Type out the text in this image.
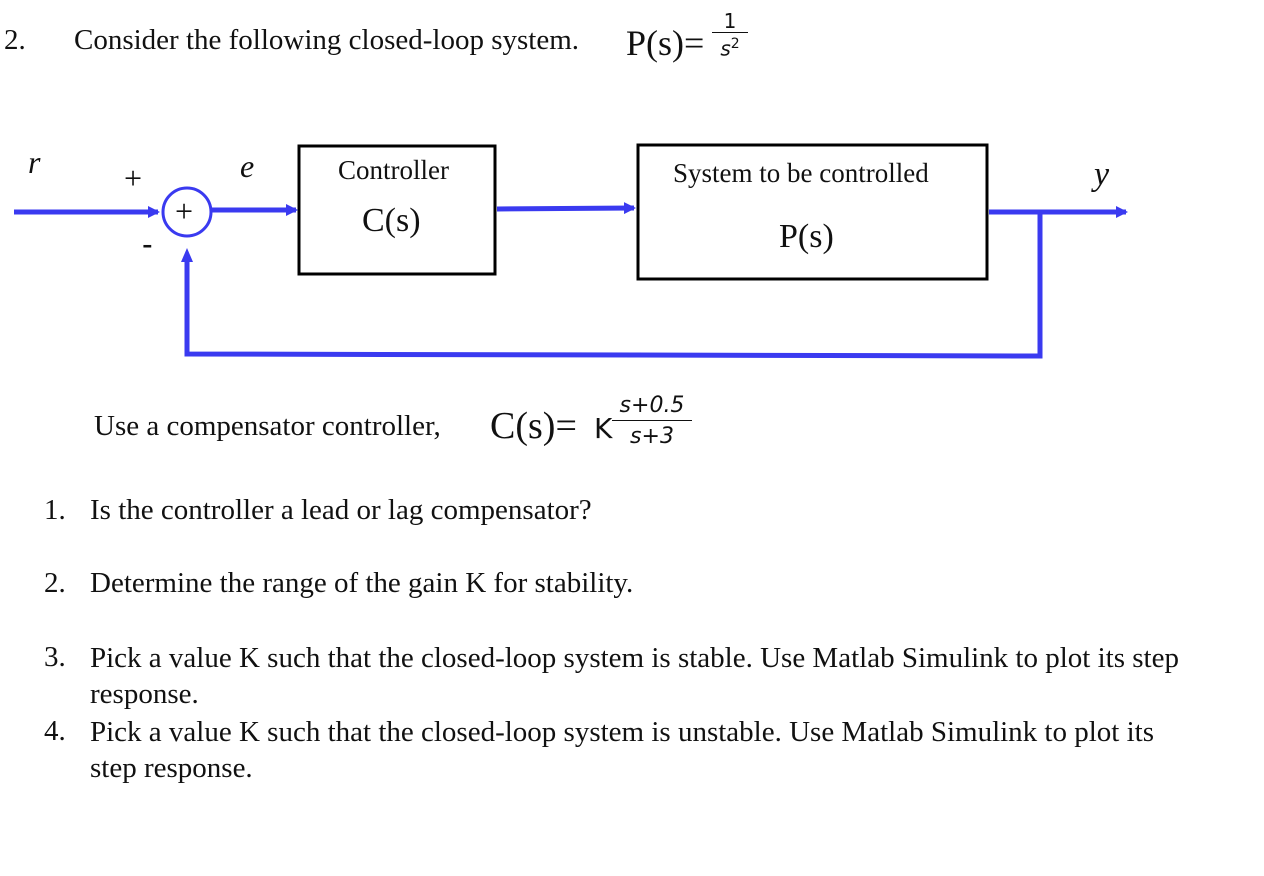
2. Consider the following closed-loop system. P(s)=
1
$s^2$
r	+
-
+
e	Controller
C(s)
System to be controlled
P(s)
y
Use a compensator controller, C(s)= K
s+0.5
s+3
1. Is the controller a lead or lag compensator?
2. Determine the range of the gain K for stability.
3. Pick a value K such that the closed-loop system is stable. Use Matlab Simulink to plot its step response.
4. Pick a value K such that the closed-loop system is unstable. Use Matlab Simulink to plot its step response.
